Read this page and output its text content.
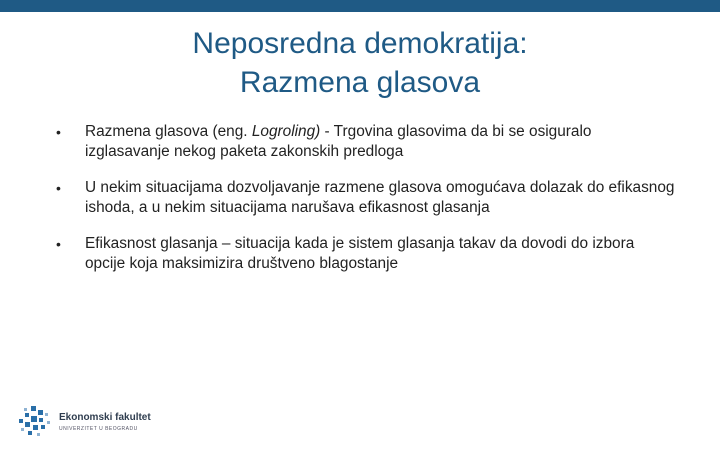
Neposredna demokratija:
Razmena glasova
• Razmena glasova (eng. Logroling) - Trgovina glasovima da bi se osiguralo izglasavanje nekog paketa zakonskih predloga
• U nekim situacijama dozvoljavanje razmene glasova omogućava dolazak do efikasnog ishoda, a u nekim situacijama narušava efikasnost glasanja
• Efikasnost glasanja – situacija kada je sistem glasanja takav da dovodi do izbora opcije koja maksimizira društveno blagostanje
Ekonomski fakultet
UNIVERZITET U BEOGRADU
